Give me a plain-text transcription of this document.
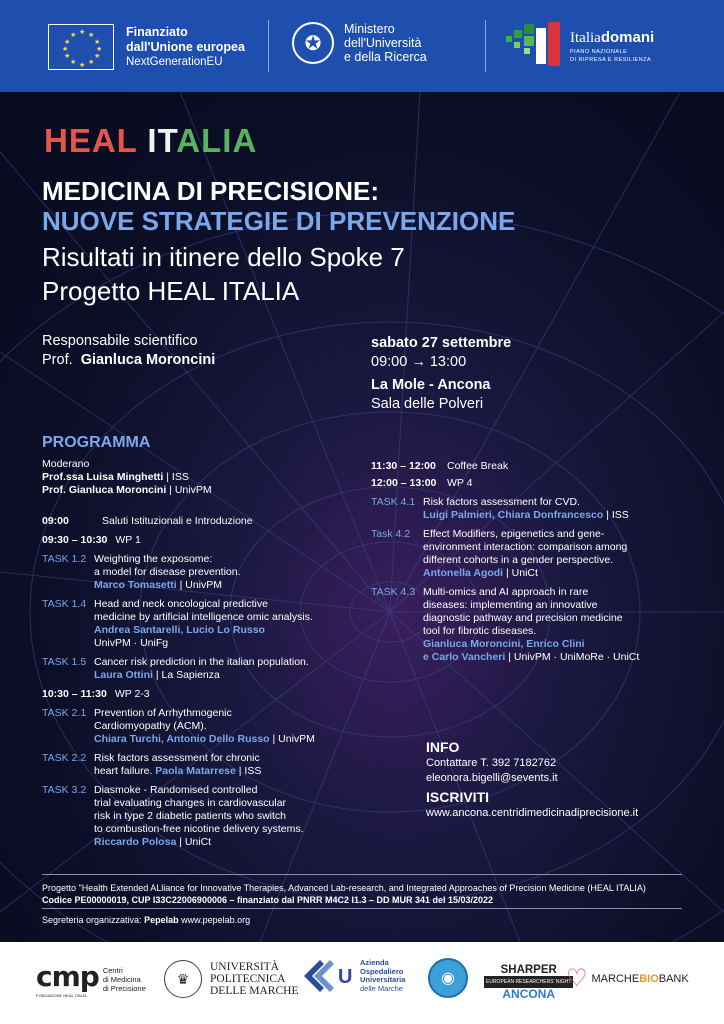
★ ★
★
★
★
★
★
★
★
★
★
★	Finanziato
dall'Unione europea
NextGenerationEU
✪
Ministero
dell'Università
e della Ricerca
Italiadomani
PIANO NAZIONALE
DI RIPRESA E RESILIENZA
HEAL ITALIA
MEDICINA DI PRECISIONE:
NUOVE STRATEGIE DI PREVENZIONE
Risultati in itinere dello Spoke 7
Progetto HEAL ITALIA
Responsabile scientifico
Prof. Gianluca Moroncini
sabato 27 settembre
09:00 → 13:00
La Mole - Ancona
Sala delle Polveri
PROGRAMMA
Moderano
Prof.ssa Luisa Minghetti | ISS
Prof. Gianluca Moroncini | UnivPM
09:00	Saluti Istituzionali e Introduzione
09:30 – 10:30 WP 1
TASK 1.2 Weighting the exposome:
a model for disease prevention.
Marco Tomasetti | UnivPM
TASK 1.4 Head and neck oncological predictive
medicine by artificial intelligence omic analysis.
Andrea Santarelli, Lucio Lo Russo
UnivPM · UniFg
TASK 1.5 Cancer risk prediction in the italian population.
Laura Ottini | La Sapienza
10:30 – 11:30 WP 2-3
TASK 2.1 Prevention of Arrhythmogenic
Cardiomyopathy (ACM).
Chiara Turchi, Antonio Dello Russo | UnivPM
TASK 2.2 Risk factors assessment for chronic
heart failure. Paola Matarrese | ISS
TASK 3.2 Diasmoke - Randomised controlled
trial evaluating changes in cardiovascular
risk in type 2 diabetic patients who switch
to combustion-free nicotine delivery systems.
Riccardo Polosa | UniCt
11:30 – 12:00	Coffee Break
12:00 – 13:00 WP 4
TASK 4.1 Risk factors assessment for CVD.
Luigi Palmieri, Chiara Donfrancesco | ISS
Task 4.2	Effect Modifiers, epigenetics and gene-
environment interaction: comparison among
different cohorts in a gender perspective.
Antonella Agodi | UniCt
TASK 4.3 Multi-omics and AI approach in rare
diseases: implementing an innovative
diagnostic pathway and precision medicine
tool for fibrotic diseases.
Gianluca Moroncini, Enrico Clini
e Carlo Vancheri | UnivPM · UniMoRe · UniCt
INFO
Contattare T. 392 7182762
eleonora.bigelli@sevents.it
ISCRIVITI
www.ancona.centridimedicinadiprecisione.it
Progetto "Health Extended ALliance for Innovative Therapies, Advanced Lab-research, and Integrated Approaches of Precision Medicine (HEAL ITALIA)
Codice PE00000019, CUP I33C22006900006 – finanziato dal PNRR M4C2 I1.3 – DD MUR 341 del 15/03/2022
Segreteria organizzativa: Pepelab www.pepelab.org
cmp
FONDAZIONE HEAL ITALIA
Centri
di Medicina
di Precisione
♛
UNIVERSITÀ
POLITECNICA
DELLE MARCHE
U
Azienda
Ospedaliero
Universitaria
delle Marche
◉	SHARPER
EUROPEAN RESEARCHERS' NIGHT
ANCONA
♡ MARCHE BIO BANK
